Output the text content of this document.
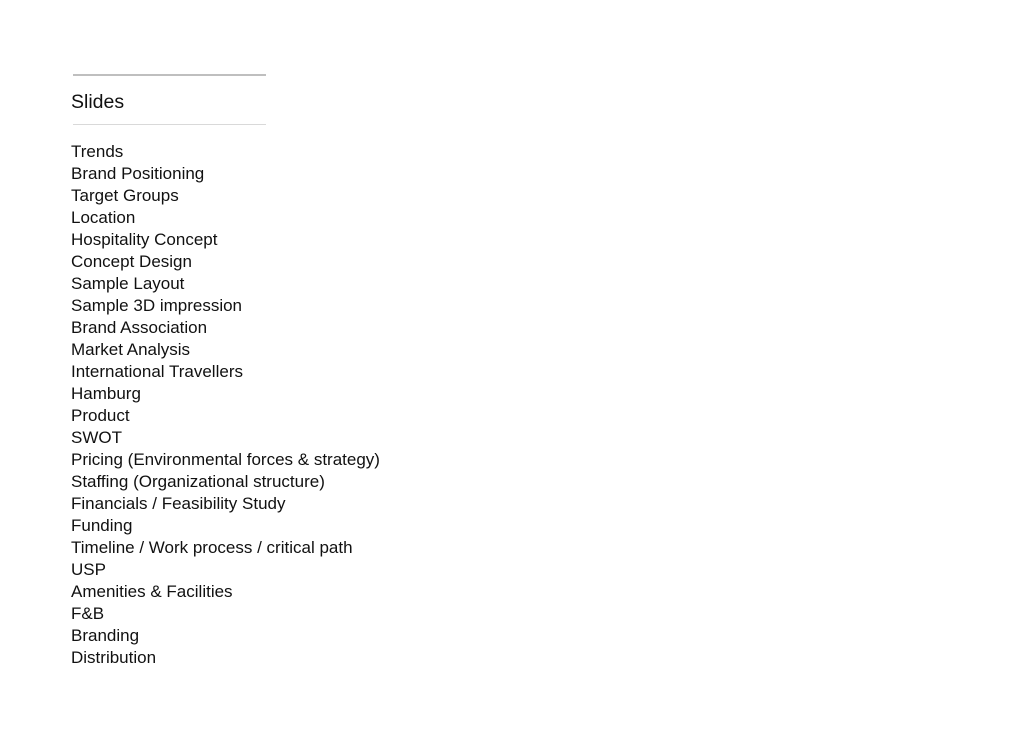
Slides
Trends
Brand Positioning
Target Groups
Location
Hospitality Concept
Concept Design
Sample Layout
Sample 3D impression
Brand Association
Market Analysis
International Travellers
Hamburg
Product
SWOT
Pricing (Environmental forces & strategy)
Staffing (Organizational structure)
Financials / Feasibility Study
Funding
Timeline / Work process / critical path
USP
Amenities & Facilities
F&B
Branding
Distribution
